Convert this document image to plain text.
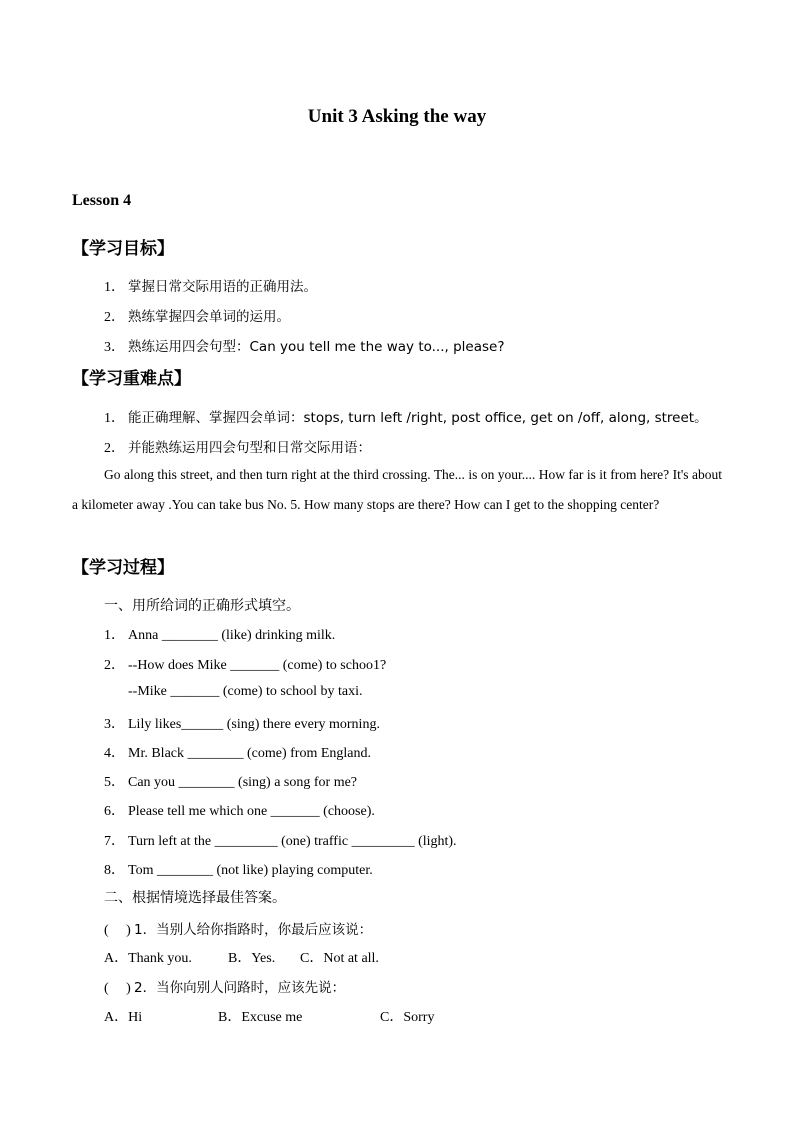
Unit 3 Asking the way
Lesson 4
【学习目标】
1． 掌握日常交际用语的正确用法。
2． 熟练掌握四会单词的运用。
3． 熟练运用四会句型：Can you tell me the way to..., please?
【学习重难点】
1． 能正确理解、掌握四会单词：stops, turn left /right, post office, get on /off, along, street。
2． 并能熟练运用四会句型和日常交际用语：
Go along this street, and then turn right at the third crossing. The... is on your.... How far is it from here? It's about a kilometer away .You can take bus No. 5. How many stops are there? How can I get to the shopping center?
【学习过程】
一、用所给词的正确形式填空。
1． Anna ________ (like) drinking milk.
2． --How does Mike _______ (come) to schoo1?
--Mike _______ (come) to school by taxi.
3． Lily likes______ (sing) there every morning.
4． Mr. Black ________ (come) from England.
5． Can you ________ (sing) a song for me?
6． Please tell me which one _______ (choose).
7． Turn left at the _________ (one) traffic _________ (light).
8． Tom ________ (not like) playing computer.
二、根据情境选择最佳答案。
(　 ) 1．当别人给你指路时，你最后应该说：
A．Thank you.	B．Yes. C．Not at all.
(　 ) 2．当你向别人问路时，应该先说：
A．Hi	B．Excuse me	C．Sorry
